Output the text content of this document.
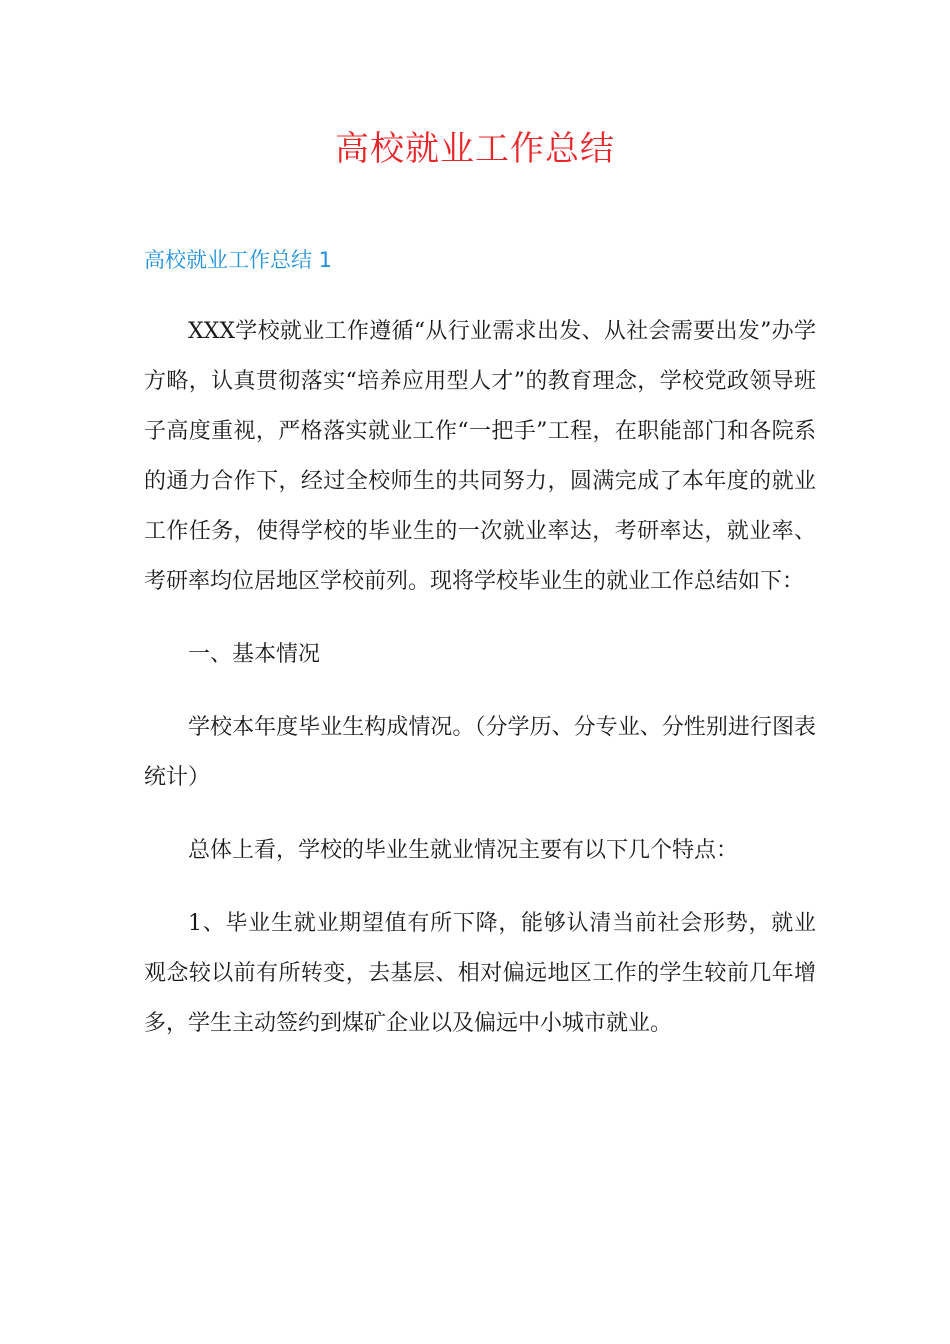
高校就业工作总结
高校就业工作总结 1

XXX学校就业工作遵循“从行业需求出发、从社会需要出发”办学方略，认真贯彻落实“培养应用型人才”的教育理念，学校党政领导班子高度重视，严格落实就业工作“一把手”工程，在职能部门和各院系的通力合作下，经过全校师生的共同努力，圆满完成了本年度的就业工作任务，使得学校的毕业生的一次就业率达，考研率达，就业率、考研率均位居地区学校前列。现将学校毕业生的就业工作总结如下：

一、基本情况

学校本年度毕业生构成情况。（分学历、分专业、分性别进行图表统计）

总体上看，学校的毕业生就业情况主要有以下几个特点：

1、毕业生就业期望值有所下降，能够认清当前社会形势，就业观念较以前有所转变，去基层、相对偏远地区工作的学生较前几年增多，学生主动签约到煤矿企业以及偏远中小城市就业。
